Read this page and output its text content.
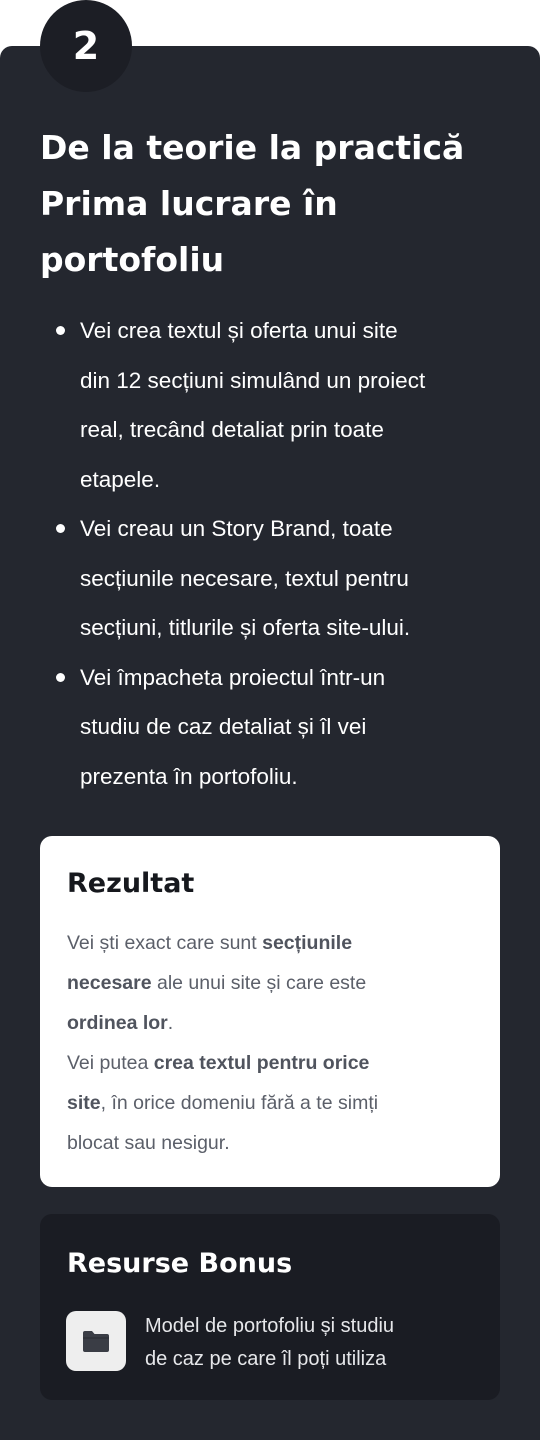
2
De la teorie la practică
Prima lucrare în
portofoliu
Vei crea textul și oferta unui site
din 12 secțiuni simulând un proiect
real, trecând detaliat prin toate
etapele.
Vei creau un Story Brand, toate
secțiunile necesare, textul pentru
secțiuni, titlurile și oferta site-ului.
Vei împacheta proiectul într-un
studiu de caz detaliat și îl vei
prezenta în portofoliu.
Rezultat
Vei ști exact care sunt secțiunile
necesare ale unui site și care este
ordinea lor.
Vei putea crea textul pentru orice
site, în orice domeniu fără a te simți
blocat sau nesigur.
Resurse Bonus
Model de portofoliu și studiu
de caz pe care îl poți utiliza
